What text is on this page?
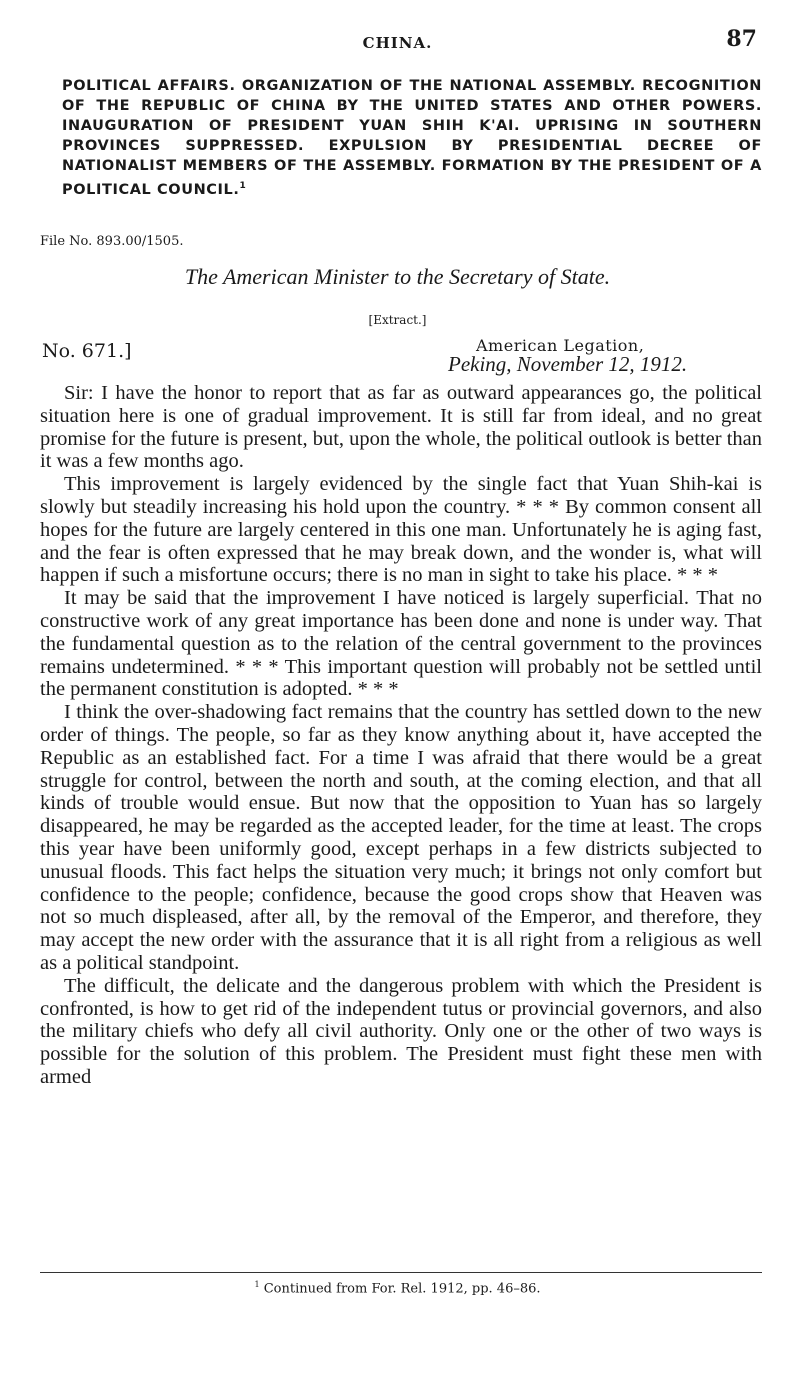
CHINA.	87
POLITICAL AFFAIRS. ORGANIZATION OF THE NATIONAL ASSEMBLY. RECOGNITION OF THE REPUBLIC OF CHINA BY THE UNITED STATES AND OTHER POWERS. INAUGURATION OF PRESIDENT YUAN SHIH K'AI. UPRISING IN SOUTHERN PROVINCES SUPPRESSED. EXPULSION BY PRESIDENTIAL DECREE OF NATIONALIST MEMBERS OF THE ASSEMBLY. FORMATION BY THE PRESIDENT OF A POLITICAL COUNCIL.$^1$
File No. 893.00/1505.
The American Minister to the Secretary of State.
[Extract.]
No. 671.]	American Legation,
Peking, November 12, 1912.

Sir: I have the honor to report that as far as outward appearances go, the political situation here is one of gradual improvement. It is still far from ideal, and no great promise for the future is present, but, upon the whole, the political outlook is better than it was a few months ago.

This improvement is largely evidenced by the single fact that Yuan Shih-kai is slowly but steadily increasing his hold upon the country. * * * By common consent all hopes for the future are largely centered in this one man. Unfortunately he is aging fast, and the fear is often expressed that he may break down, and the wonder is, what will happen if such a misfortune occurs; there is no man in sight to take his place. * * *

It may be said that the improvement I have noticed is largely superficial. That no constructive work of any great importance has been done and none is under way. That the fundamental question as to the relation of the central government to the provinces remains undetermined. * * * This important question will probably not be settled until the permanent constitution is adopted. * * *

I think the over-shadowing fact remains that the country has settled down to the new order of things. The people, so far as they know anything about it, have accepted the Republic as an established fact. For a time I was afraid that there would be a great struggle for control, between the north and south, at the coming election, and that all kinds of trouble would ensue. But now that the opposition to Yuan has so largely disappeared, he may be regarded as the accepted leader, for the time at least. The crops this year have been uniformly good, except perhaps in a few districts subjected to unusual floods. This fact helps the situation very much; it brings not only comfort but confidence to the people; confidence, because the good crops show that Heaven was not so much displeased, after all, by the removal of the Emperor, and therefore, they may accept the new order with the assurance that it is all right from a religious as well as a political standpoint.

The difficult, the delicate and the dangerous problem with which the President is confronted, is how to get rid of the independent tutus or provincial governors, and also the military chiefs who defy all civil authority. Only one or the other of two ways is possible for the solution of this problem. The President must fight these men with armed

$^1$ Continued from For. Rel. 1912, pp. 46–86.
